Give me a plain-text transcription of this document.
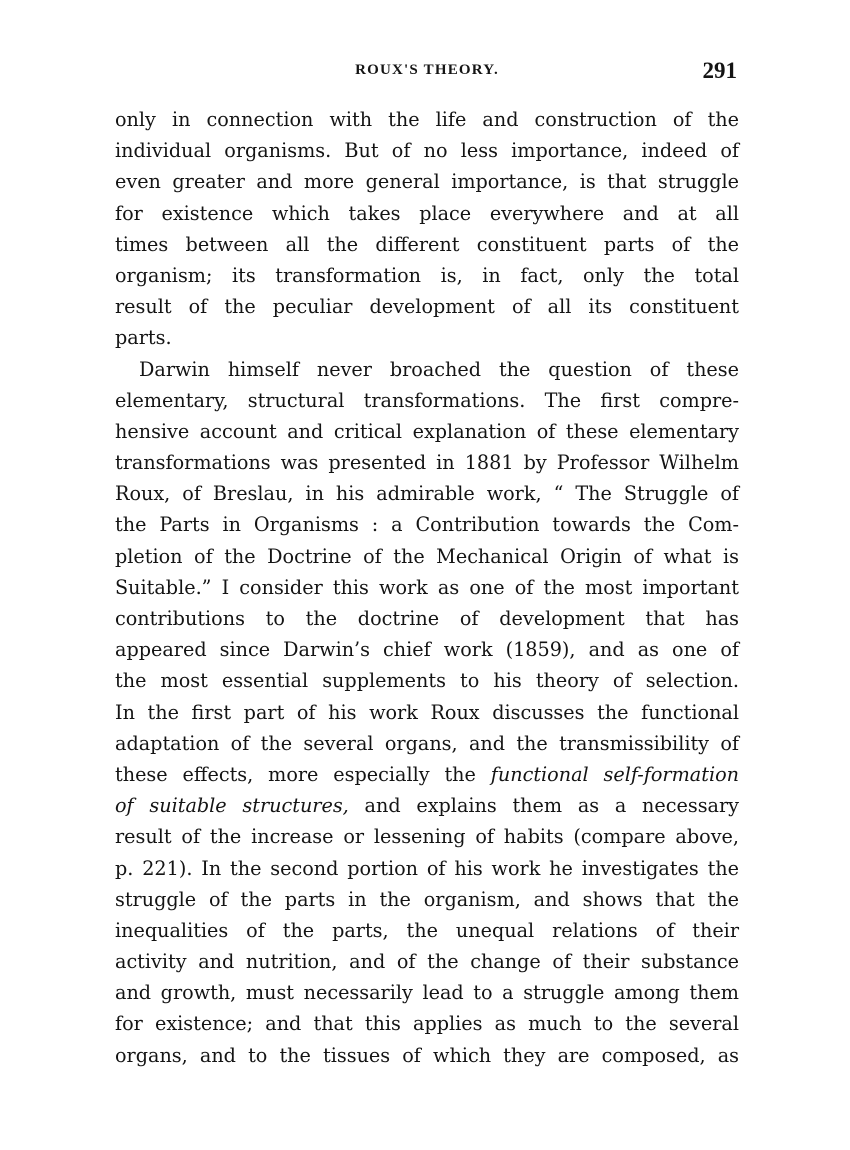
ROUX'S THEORY.	291
only in connection with the life and construction of the
individual organisms. But of no less importance, indeed of
even greater and more general importance, is that struggle
for existence which takes place everywhere and at all
times between all the different constituent parts of the
organism; its transformation is, in fact, only the total
result of the peculiar development of all its constituent
parts.
Darwin himself never broached the question of these
elementary, structural transformations. The first compre-
hensive account and critical explanation of these elementary
transformations was presented in 1881 by Professor Wilhelm
Roux, of Breslau, in his admirable work, “ The Struggle of
the Parts in Organisms : a Contribution towards the Com-
pletion of the Doctrine of the Mechanical Origin of what is
Suitable.” I consider this work as one of the most important
contributions to the doctrine of development that has
appeared since Darwin’s chief work (1859), and as one of
the most essential supplements to his theory of selection.
In the first part of his work Roux discusses the functional
adaptation of the several organs, and the transmissibility of
these effects, more especially the functional self-formation
of suitable structures, and explains them as a necessary
result of the increase or lessening of habits (compare above,
p. 221). In the second portion of his work he investigates the
struggle of the parts in the organism, and shows that the
inequalities of the parts, the unequal relations of their
activity and nutrition, and of the change of their substance
and growth, must necessarily lead to a struggle among them
for existence; and that this applies as much to the several
organs, and to the tissues of which they are composed, as
